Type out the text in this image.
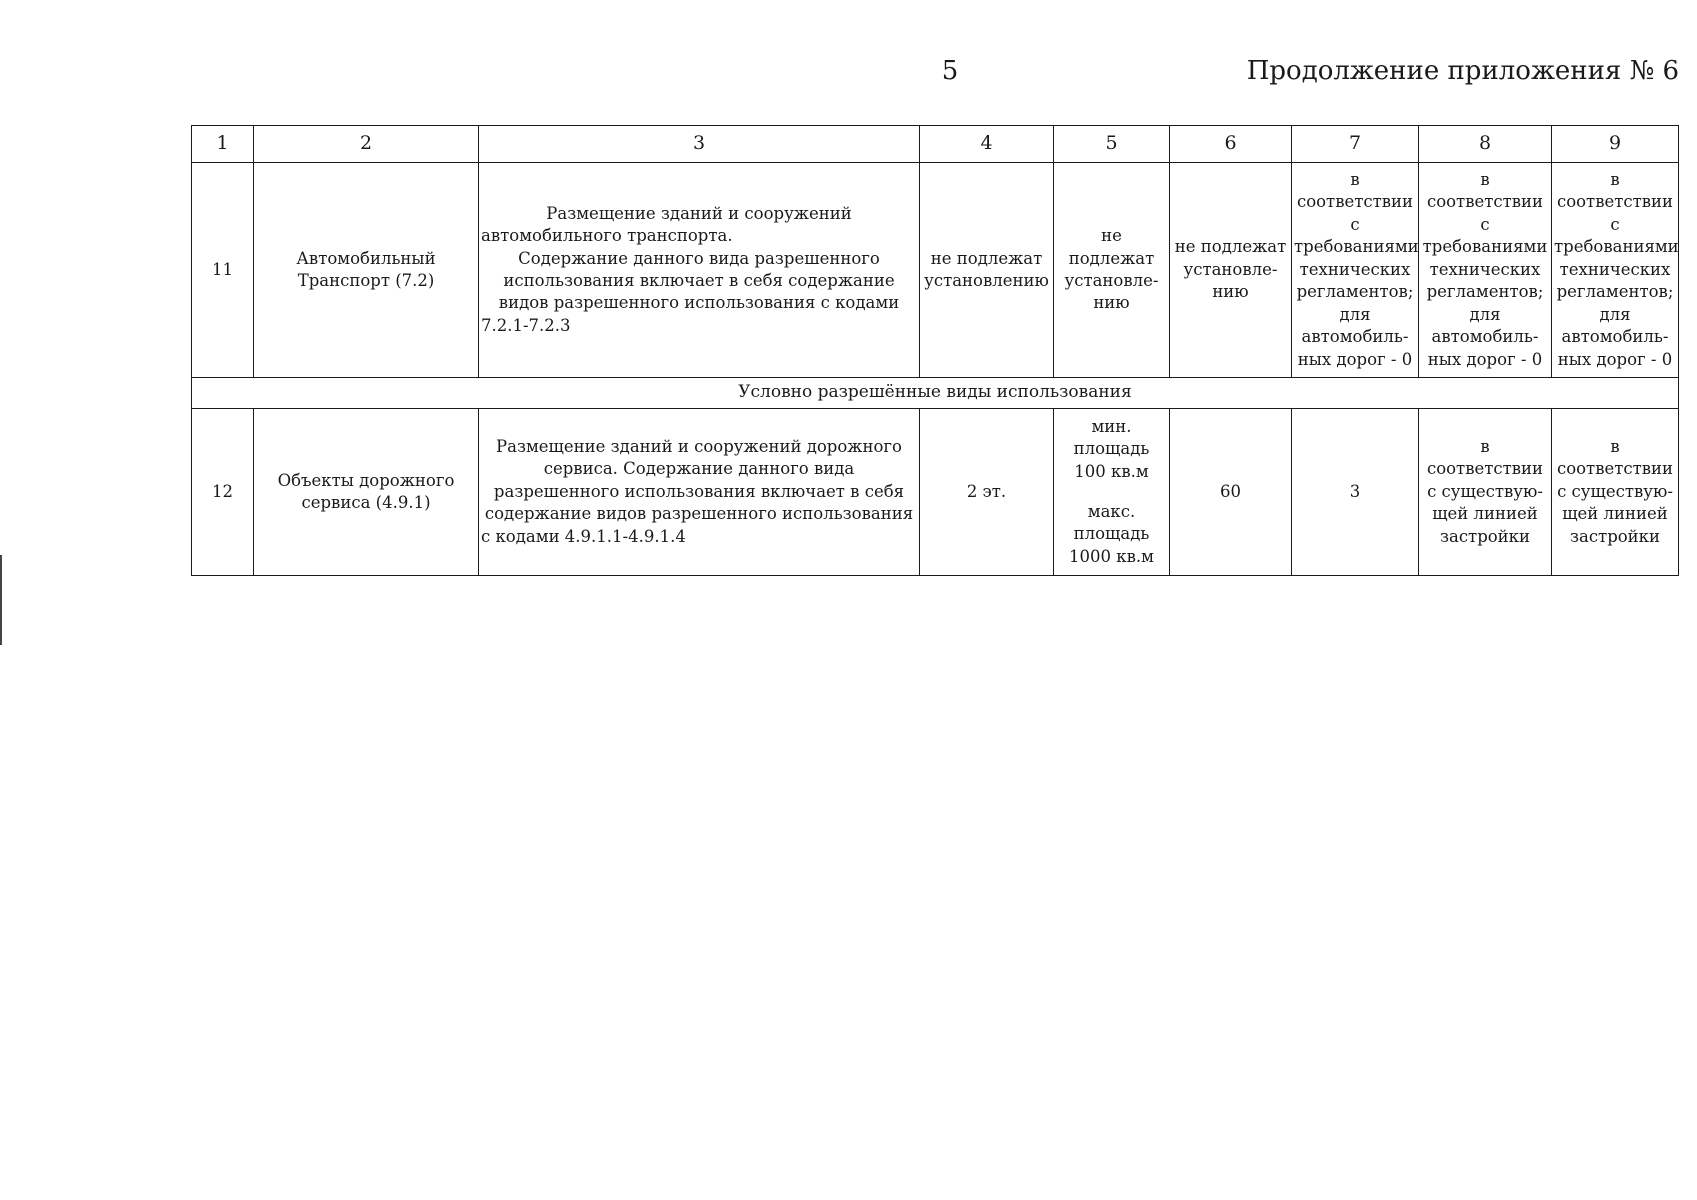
5	Продолжение приложения № 6
1	2	3	4	5	6	7	8	9
11	Автомобильный Транспорт (7.2)	Размещение зданий и сооружений автомобильного транспорта.
Содержание данного вида разрешенного использования включает в себя содержание видов разрешенного использования с кодами 7.2.1-7.2.3	не подлежат установлению	не подлежат установле-нию	не подлежат установле-нию	в соответствии с требованиями технических регламентов; для автомобиль-ных дорог - 0	в соответствии с требованиями технических регламентов; для автомобиль-ных дорог - 0	в соответствии с требованиями технических регламентов; для автомобиль-ных дорог - 0
Условно разрешённые виды использования								
12	Объекты дорожного сервиса (4.9.1)	Размещение зданий и сооружений дорожного сервиса. Содержание данного вида разрешенного использования включает в себя содержание видов разрешенного использования с кодами 4.9.1.1-4.9.1.4	2 эт.	мин. площадь 100 кв.м
макс. площадь 1000 кв.м	60	3	в соответствии с существую-щей линией застройки	в соответствии с существую-щей линией застройки
